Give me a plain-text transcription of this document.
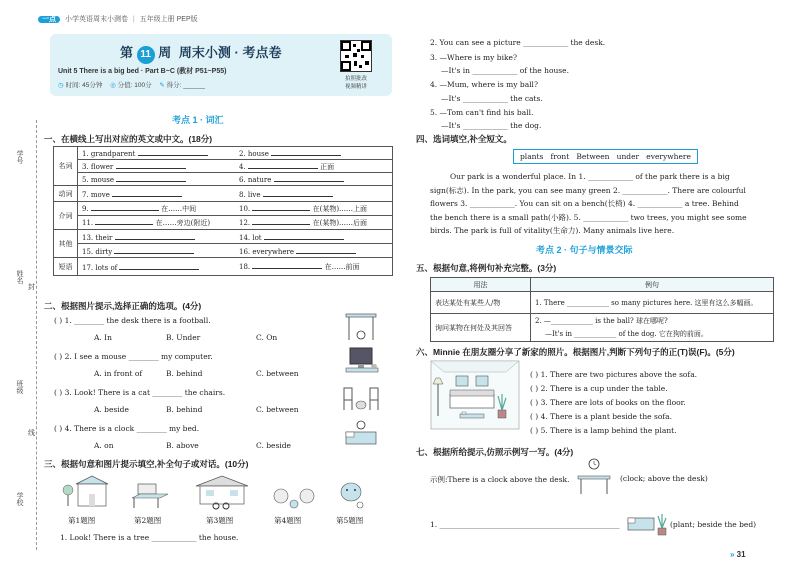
一点 小学英语周末小测卷 | 五年级上册 PEP版
第 11 周 周末小测 · 考点卷
Unit 5 There is a big bed · Part B~C (教材 P51~P55)
◷ 时间: 45分钟 ◎ 分值: 100分 ✎ 得分: ______
拍照批改
视频精讲
学号
姓名
封
班级
线
学校
考点 1 · 词汇
一、在横线上写出对应的英文或中文。(18分)
名词	1. grandparent	2. house
	3. flower	4. 正面
	5. mouse	6. nature
动词	7. move	8. live
介词	9. 在……中间	10. 在(某物)……上面
	11. 在……旁边(附近)	12. 在(某物)……后面
其他	13. their	14. lot
	15. dirty	16. everywhere
短语	17. lots of	18. 在……前面
二、根据图片提示,选择正确的选项。(4分)
( ) 1. ________ the desk there is a football.
A. In	B. Under	C. On
( ) 2. I see a mouse ________ my computer.
A. in front of	B. behind	C. between
( ) 3. Look! There is a cat ________ the chairs.
A. beside	B. behind	C. between
( ) 4. There is a clock ________ my bed.
A. on	B. above	C. beside
三、根据句意和图片提示填空,补全句子或对话。(10分)
第1题图	第2题图	第3题图	第4题图	第5题图
1. Look! There is a tree ____________ the house.
2. You can see a picture ____________ the desk.
3. —Where is my bike?
—It's in ____________ of the house.
4. —Mum, where is my ball?
—It's ____________ the cats.
5. —Tom can't find his ball.
—It's ____________ the dog.
四、选词填空,补全短文。
plants   front   Between   under   everywhere
Our park is a wonderful place. In 1. ____________ of the park there is a big
sign(标志). In the park, you can see many green 2. ____________. There are colourful
flowers 3. ____________. You can sit on a bench(长椅) 4. ____________ a tree. Behind
the bench there is a small path(小路). 5. ____________ two trees, you might see some
birds. The park is full of vitality(生命力). Many animals live here.
考点 2 · 句子与情景交际
五、根据句意,将例句补充完整。(3分)
用法	例句
表达某处有某些人/物	1. There ____________ so many pictures here. 这里有这么多幅画。
询问某物在何处及其回答	2. —____________ is the ball? 球在哪呢?
	—It's in ____________ of the dog. 它在狗的前面。
六、Minnie 在朋友圈分享了新家的照片。根据图片,判断下列句子的正(T)误(F)。(5分)
( ) 1. There are two pictures above the sofa.
( ) 2. There is a cup under the table.
( ) 3. There are lots of books on the floor.
( ) 4. There is a plant beside the sofa.
( ) 5. There is a lamp behind the plant.
七、根据所给提示,仿照示例写一写。(4分)
示例:There is a clock above the desk.	(clock; above the desk)
1. ________________________________________________	(plant; beside the bed)
» 31
